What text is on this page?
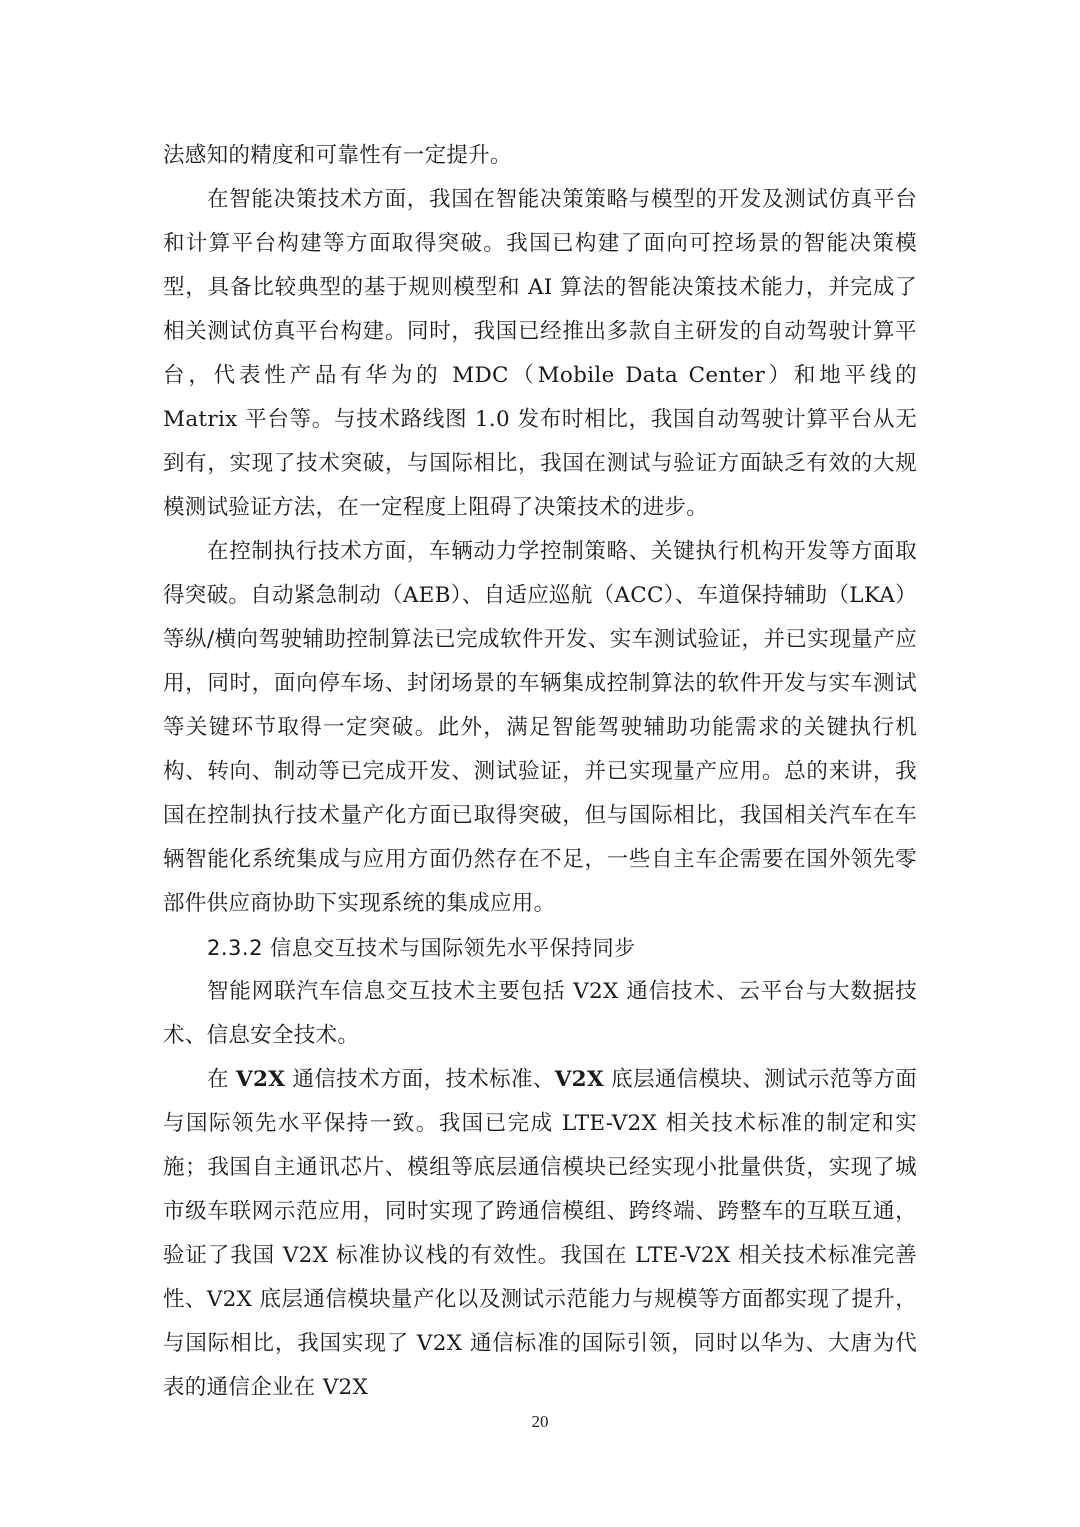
法感知的精度和可靠性有一定提升。

在智能决策技术方面，我国在智能决策策略与模型的开发及测试仿真平台和计算平台构建等方面取得突破。我国已构建了面向可控场景的智能决策模型，具备比较典型的基于规则模型和 AI 算法的智能决策技术能力，并完成了相关测试仿真平台构建。同时，我国已经推出多款自主研发的自动驾驶计算平台，代表性产品有华为的 MDC（Mobile Data Center）和地平线的 Matrix 平台等。与技术路线图 1.0 发布时相比，我国自动驾驶计算平台从无到有，实现了技术突破，与国际相比，我国在测试与验证方面缺乏有效的大规模测试验证方法，在一定程度上阻碍了决策技术的进步。

在控制执行技术方面，车辆动力学控制策略、关键执行机构开发等方面取得突破。自动紧急制动（AEB）、自适应巡航（ACC）、车道保持辅助（LKA）等纵/横向驾驶辅助控制算法已完成软件开发、实车测试验证，并已实现量产应用，同时，面向停车场、封闭场景的车辆集成控制算法的软件开发与实车测试等关键环节取得一定突破。此外，满足智能驾驶辅助功能需求的关键执行机构、转向、制动等已完成开发、测试验证，并已实现量产应用。总的来讲，我国在控制执行技术量产化方面已取得突破，但与国际相比，我国相关汽车在车辆智能化系统集成与应用方面仍然存在不足，一些自主车企需要在国外领先零部件供应商协助下实现系统的集成应用。

2.3.2 信息交互技术与国际领先水平保持同步

智能网联汽车信息交互技术主要包括 V2X 通信技术、云平台与大数据技术、信息安全技术。

在 V2X 通信技术方面，技术标准、V2X 底层通信模块、测试示范等方面与国际领先水平保持一致。我国已完成 LTE-V2X 相关技术标准的制定和实施；我国自主通讯芯片、模组等底层通信模块已经实现小批量供货，实现了城市级车联网示范应用，同时实现了跨通信模组、跨终端、跨整车的互联互通，验证了我国 V2X 标准协议栈的有效性。我国在 LTE-V2X 相关技术标准完善性、V2X 底层通信模块量产化以及测试示范能力与规模等方面都实现了提升，与国际相比，我国实现了 V2X 通信标准的国际引领，同时以华为、大唐为代表的通信企业在 V2X

20
